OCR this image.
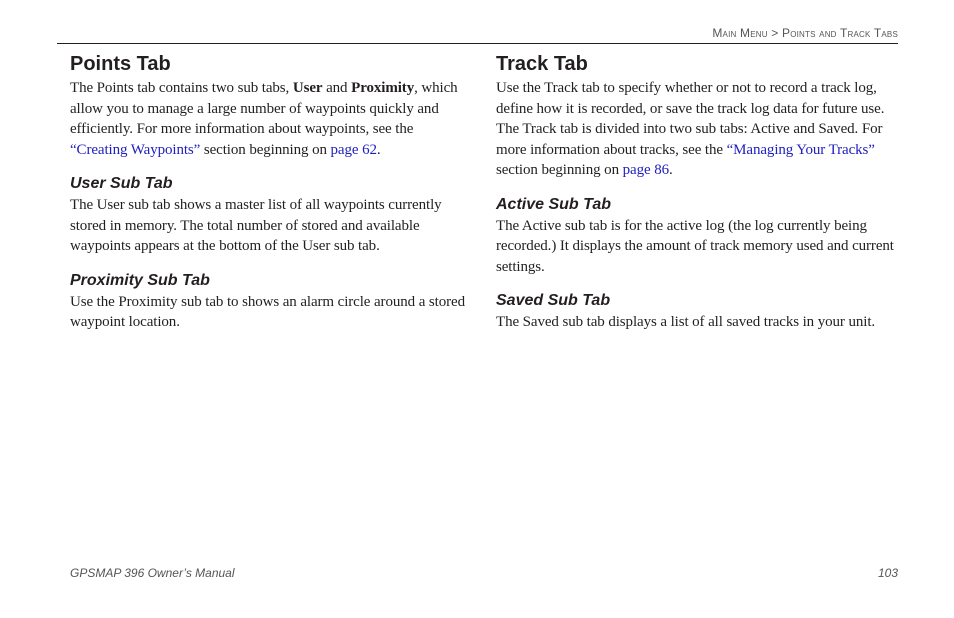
Main Menu > Points and Track Tabs
Points Tab

The Points tab contains two sub tabs, User and Proximity, which allow you to manage a large number of waypoints quickly and efficiently. For more information about waypoints, see the “Creating Waypoints” section beginning on page 62.

User Sub Tab

The User sub tab shows a master list of all waypoints currently stored in memory. The total number of stored and available waypoints appears at the bottom of the User sub tab.

Proximity Sub Tab

Use the Proximity sub tab to shows an alarm circle around a stored waypoint location.

Track Tab

Use the Track tab to specify whether or not to record a track log, define how it is recorded, or save the track log data for future use. The Track tab is divided into two sub tabs: Active and Saved. For more information about tracks, see the “Managing Your Tracks” section beginning on page 86.

Active Sub Tab

The Active sub tab is for the active log (the log currently being recorded.) It displays the amount of track memory used and current settings.

Saved Sub Tab

The Saved sub tab displays a list of all saved tracks in your unit.

GPSMAP 396 Owner’s Manual	103
